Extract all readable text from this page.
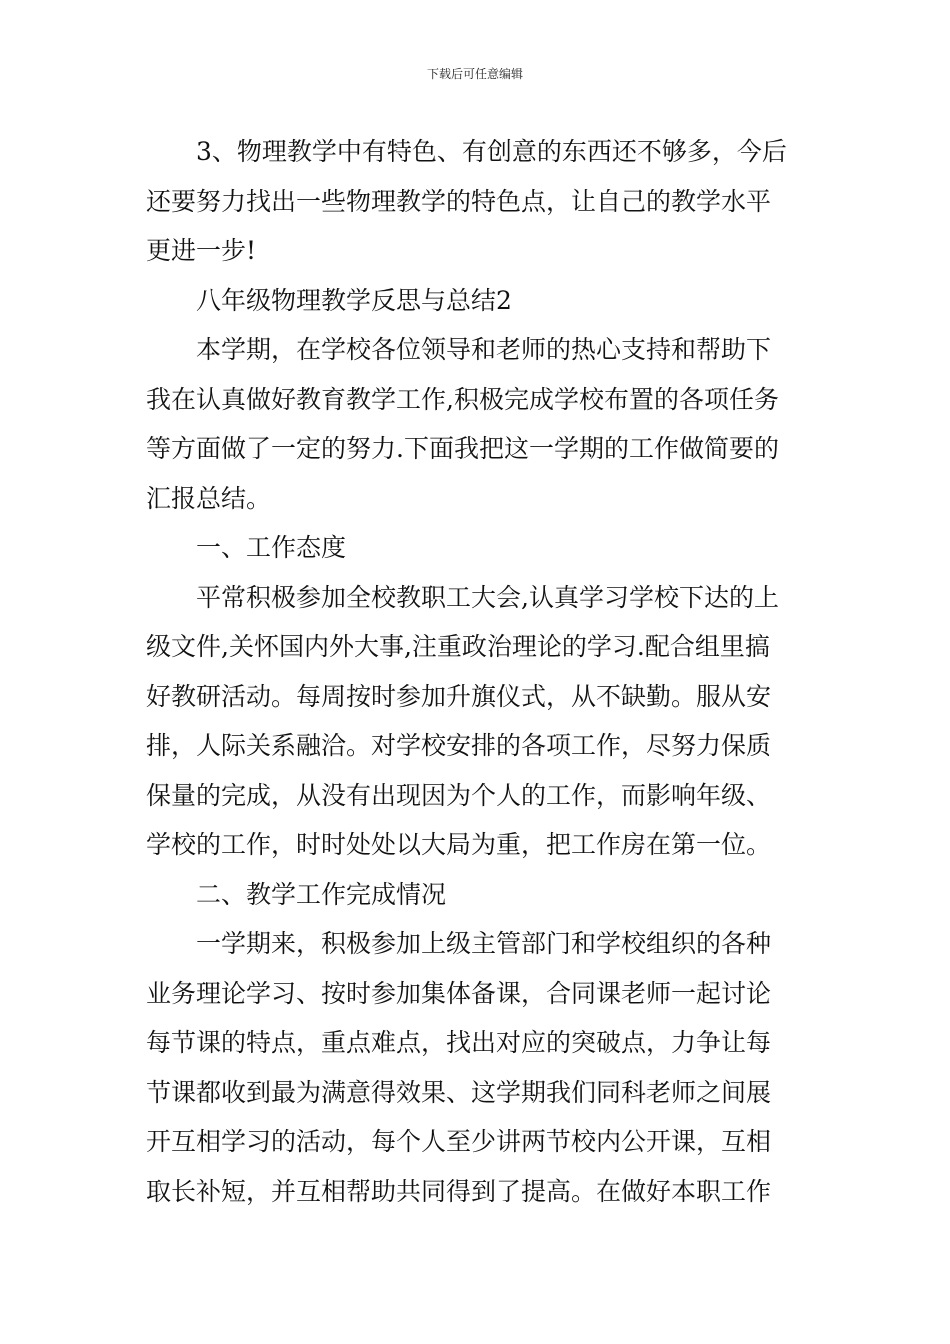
下载后可任意编辑
3、物理教学中有特色、有创意的东西还不够多，今后
还要努力找出一些物理教学的特色点，让自己的教学水平
更进一步!
八年级物理教学反思与总结2
本学期，在学校各位领导和老师的热心支持和帮助下
我在认真做好教育教学工作,积极完成学校布置的各项任务
等方面做了一定的努力.下面我把这一学期的工作做简要的
汇报总结。
一、工作态度
平常积极参加全校教职工大会,认真学习学校下达的上
级文件,关怀国内外大事,注重政治理论的学习.配合组里搞
好教研活动。每周按时参加升旗仪式，从不缺勤。服从安
排，人际关系融洽。对学校安排的各项工作，尽努力保质
保量的完成，从没有出现因为个人的工作，而影响年级、
学校的工作，时时处处以大局为重，把工作房在第一位。
二、教学工作完成情况
一学期来，积极参加上级主管部门和学校组织的各种
业务理论学习、按时参加集体备课，合同课老师一起讨论
每节课的特点，重点难点，找出对应的突破点，力争让每
节课都收到最为满意得效果、这学期我们同科老师之间展
开互相学习的活动，每个人至少讲两节校内公开课，互相
取长补短，并互相帮助共同得到了提高。在做好本职工作
